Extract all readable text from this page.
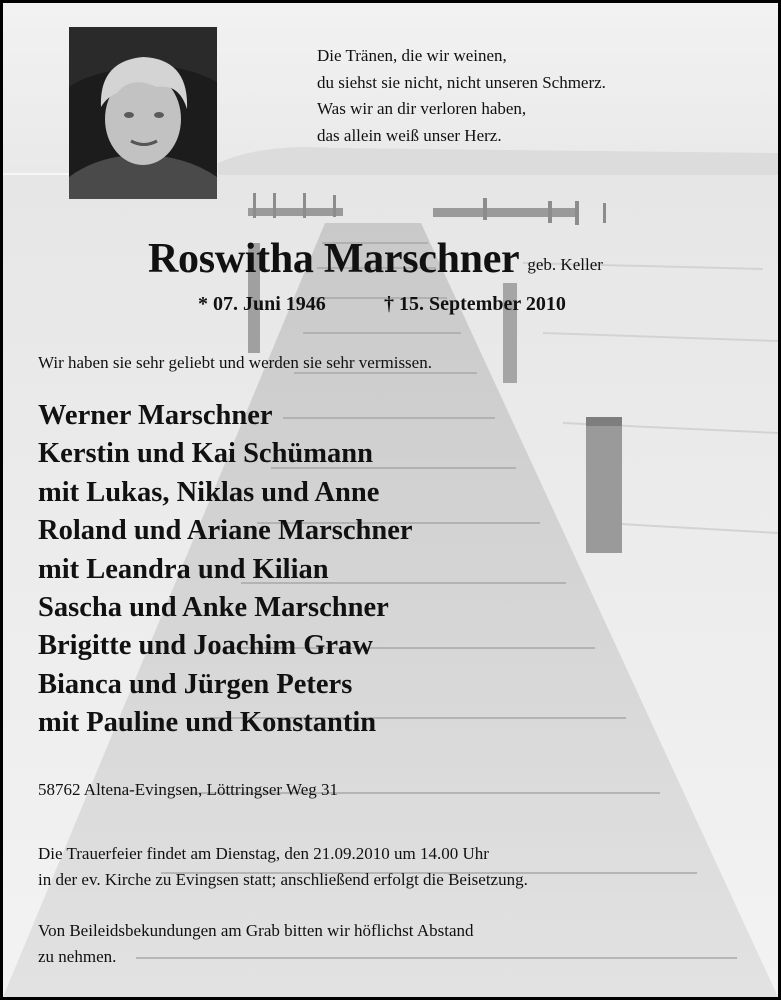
Die Tränen, die wir weinen,
du siehst sie nicht, nicht unseren Schmerz.
Was wir an dir verloren haben,
das allein weiß unser Herz.
Roswitha Marschner geb. Keller
* 07. Juni 1946	† 15. September 2010
Wir haben sie sehr geliebt und werden sie sehr vermissen.
Werner Marschner
Kerstin und Kai Schümann
mit Lukas, Niklas und Anne
Roland und Ariane Marschner
mit Leandra und Kilian
Sascha und Anke Marschner
Brigitte und Joachim Graw
Bianca und Jürgen Peters
mit Pauline und Konstantin
58762 Altena-Evingsen, Löttringser Weg 31
Die Trauerfeier findet am Dienstag, den 21.09.2010 um 14.00 Uhr
in der ev. Kirche zu Evingsen statt; anschließend erfolgt die Beisetzung.
Von Beileidsbekundungen am Grab bitten wir höflichst Abstand
zu nehmen.
